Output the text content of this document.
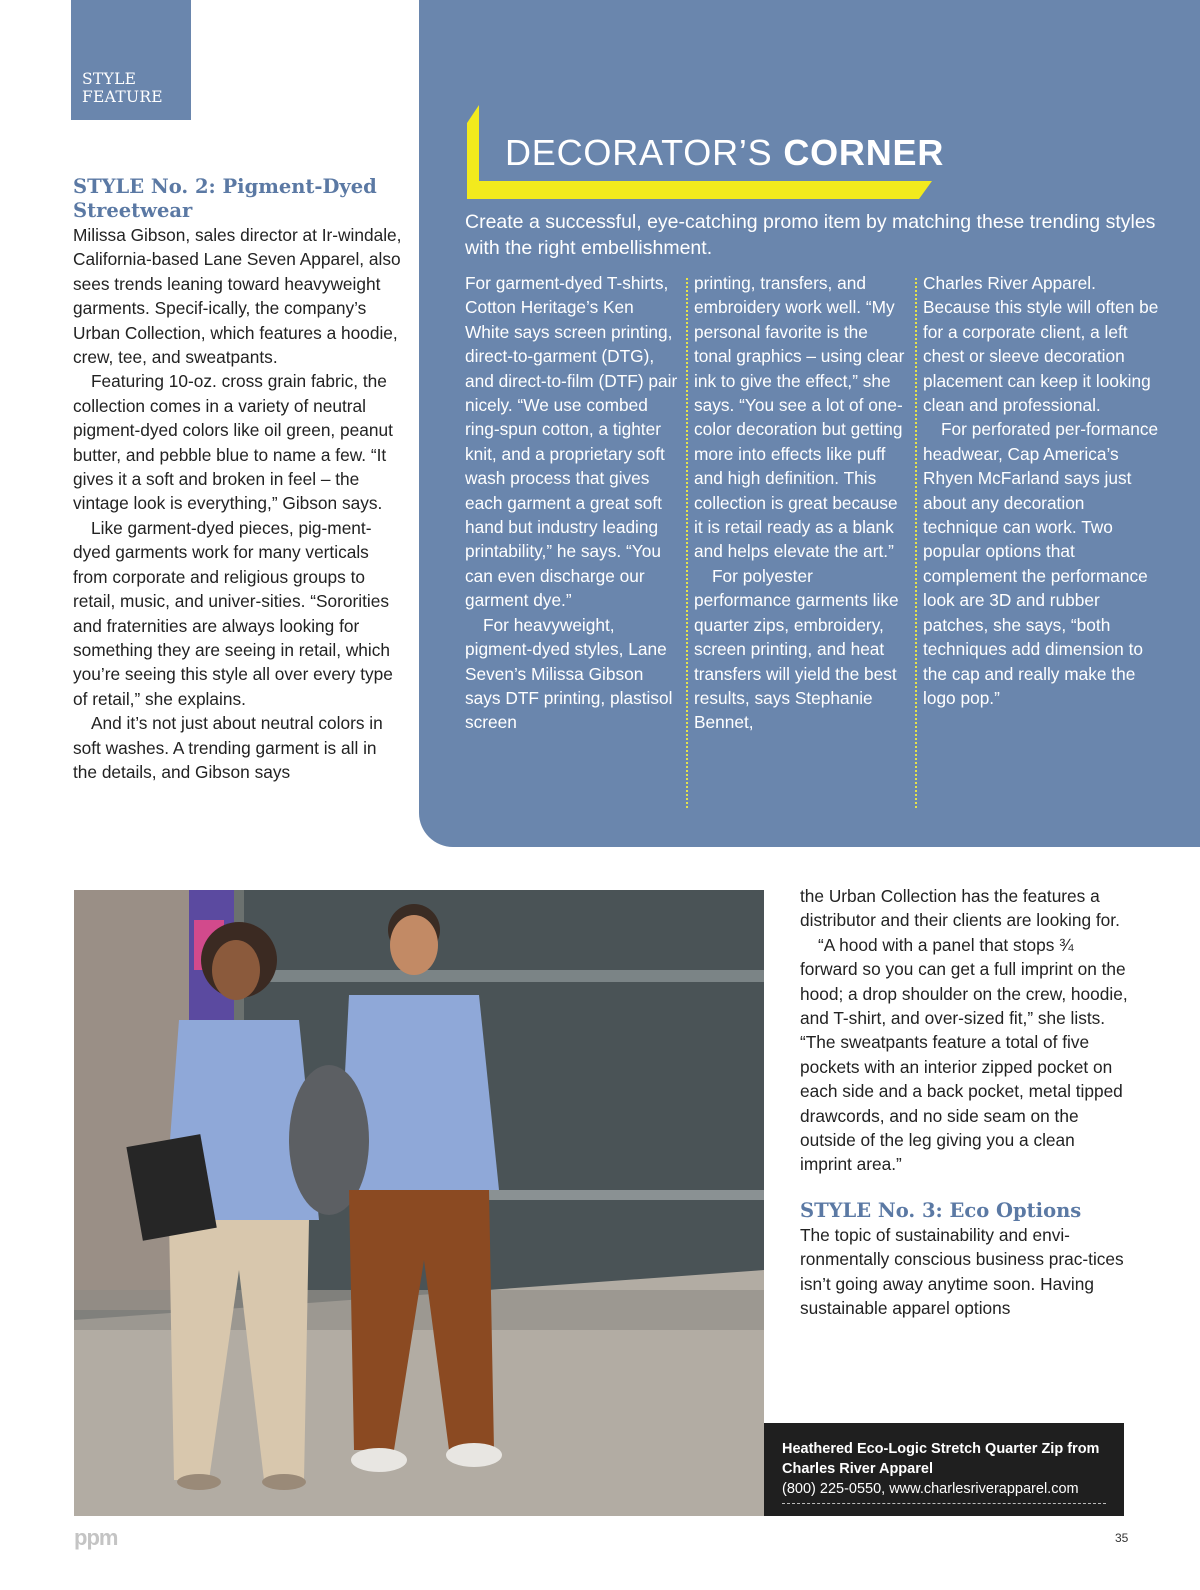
STYLE
FEATURE
STYLE No. 2: Pigment-Dyed Streetwear

Milissa Gibson, sales director at Ir-windale, California-based Lane Seven Apparel, also sees trends leaning toward heavyweight garments. Specif-ically, the company’s Urban Collection, which features a hoodie, crew, tee, and sweatpants.

Featuring 10-oz. cross grain fabric, the collection comes in a variety of neutral pigment-dyed colors like oil green, peanut butter, and pebble blue to name a few. “It gives it a soft and broken in feel – the vintage look is everything,” Gibson says.

Like garment-dyed pieces, pig-ment-dyed garments work for many verticals from corporate and religious groups to retail, music, and univer-sities. “Sororities and fraternities are always looking for something they are seeing in retail, which you’re seeing this style all over every type of retail,” she explains.

And it’s not just about neutral colors in soft washes. A trending garment is all in the details, and Gibson says

DECORATOR’S CORNER
Create a successful, eye-catching promo item by matching these trending styles with the right embellishment.

For garment-dyed T-shirts, Cotton Heritage’s Ken White says screen printing, direct-to-garment (DTG), and direct-to-film (DTF) pair nicely. “We use combed ring-spun cotton, a tighter knit, and a proprietary soft wash process that gives each garment a great soft hand but industry leading printability,” he says. “You can even discharge our garment dye.”

For heavyweight, pigment-dyed styles, Lane Seven’s Milissa Gibson says DTF printing, plastisol screen

printing, transfers, and embroidery work well. “My personal favorite is the tonal graphics – using clear ink to give the effect,” she says. “You see a lot of one-color decoration but getting more into effects like puff and high definition. This collection is great because it is retail ready as a blank and helps elevate the art.”

For polyester performance garments like quarter zips, embroidery, screen printing, and heat transfers will yield the best results, says Stephanie Bennet,

Charles River Apparel. Because this style will often be for a corporate client, a left chest or sleeve decoration placement can keep it looking clean and professional.

For perforated per-formance headwear, Cap America’s Rhyen McFarland says just about any decoration technique can work. Two popular options that complement the performance look are 3D and rubber patches, she says, “both techniques add dimension to the cap and really make the logo pop.”

the Urban Collection has the features a distributor and their clients are looking for.

“A hood with a panel that stops ¾ forward so you can get a full imprint on the hood; a drop shoulder on the crew, hoodie, and T-shirt, and over-sized fit,” she lists. “The sweatpants feature a total of five pockets with an interior zipped pocket on each side and a back pocket, metal tipped drawcords, and no side seam on the outside of the leg giving you a clean imprint area.”

STYLE No. 3: Eco Options

The topic of sustainability and envi-ronmentally conscious business prac-tices isn’t going away anytime soon. Having sustainable apparel options

Heathered Eco-Logic Stretch Quarter Zip from Charles River Apparel
(800) 225-0550, www.charlesriverapparel.com
ppm	35
